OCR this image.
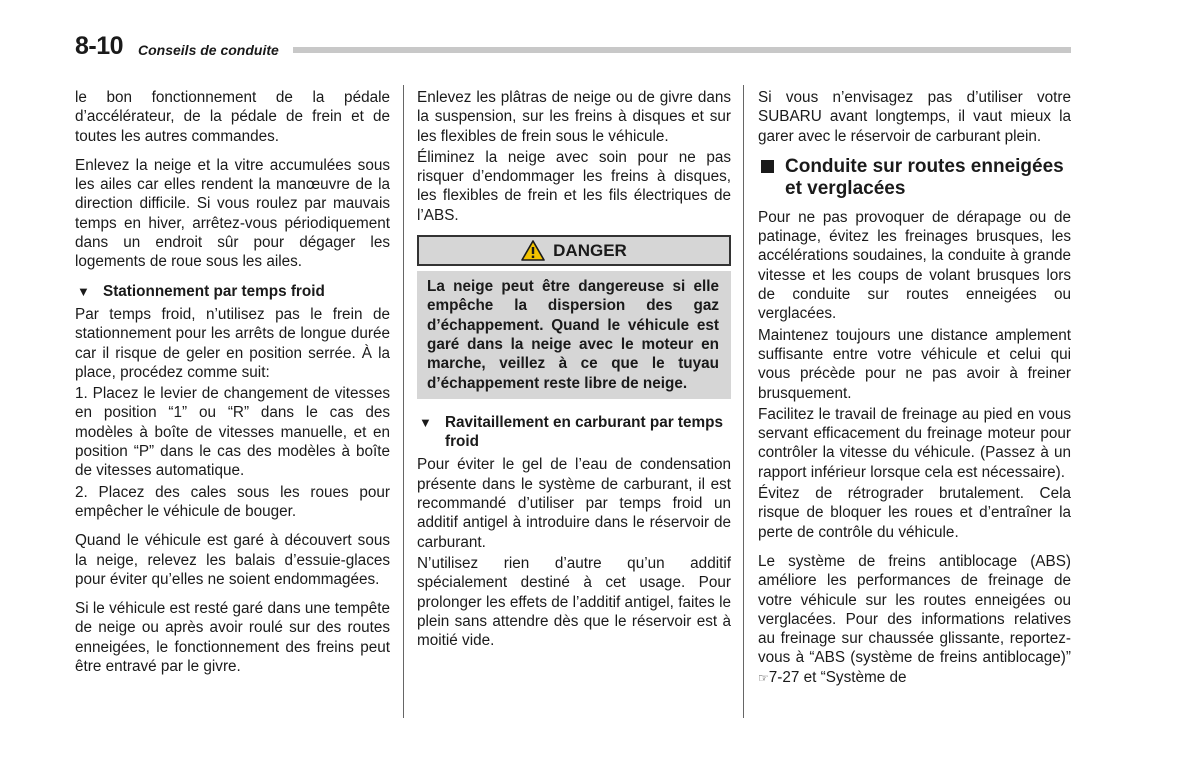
8-10 Conseils de conduite

le bon fonctionnement de la pédale d’accélérateur, de la pédale de frein et de toutes les autres commandes.

Enlevez la neige et la vitre accumulées sous les ailes car elles rendent la manœuvre de la direction difficile. Si vous roulez par mauvais temps en hiver, arrêtez-vous périodiquement dans un endroit sûr pour dégager les logements de roue sous les ailes.

▼ Stationnement par temps froid

Par temps froid, n’utilisez pas le frein de stationnement pour les arrêts de longue durée car il risque de geler en position serrée. À la place, procédez comme suit:

1. Placez le levier de changement de vitesses en position “1” ou “R” dans le cas des modèles à boîte de vitesses manuelle, et en position “P” dans le cas des modèles à boîte de vitesses automatique.

2. Placez des cales sous les roues pour empêcher le véhicule de bouger.

Quand le véhicule est garé à découvert sous la neige, relevez les balais d’essuie-glaces pour éviter qu’elles ne soient endommagées.

Si le véhicule est resté garé dans une tempête de neige ou après avoir roulé sur des routes enneigées, le fonctionnement des freins peut être entravé par le givre.

Enlevez les plâtras de neige ou de givre dans la suspension, sur les freins à disques et sur les flexibles de frein sous le véhicule.

Éliminez la neige avec soin pour ne pas risquer d’endommager les freins à disques, les flexibles de frein et les fils électriques de l’ABS.

DANGER
La neige peut être dangereuse si elle empêche la dispersion des gaz d’échappement. Quand le véhicule est garé dans la neige avec le moteur en marche, veillez à ce que le tuyau d’échappement reste libre de neige.
▼ Ravitaillement en carburant par temps froid

Pour éviter le gel de l’eau de condensation présente dans le système de carburant, il est recommandé d’utiliser par temps froid un additif antigel à introduire dans le réservoir de carburant.

N’utilisez rien d’autre qu’un additif spécialement destiné à cet usage. Pour prolonger les effets de l’additif antigel, faites le plein sans attendre dès que le réservoir est à moitié vide.

Si vous n’envisagez pas d’utiliser votre SUBARU avant longtemps, il vaut mieux la garer avec le réservoir de carburant plein.

Conduite sur routes enneigées et verglacées

Pour ne pas provoquer de dérapage ou de patinage, évitez les freinages brusques, les accélérations soudaines, la conduite à grande vitesse et les coups de volant brusques lors de conduite sur routes enneigées ou verglacées.

Maintenez toujours une distance amplement suffisante entre votre véhicule et celui qui vous précède pour ne pas avoir à freiner brusquement.

Facilitez le travail de freinage au pied en vous servant efficacement du freinage moteur pour contrôler la vitesse du véhicule. (Passez à un rapport inférieur lorsque cela est nécessaire).

Évitez de rétrograder brutalement. Cela risque de bloquer les roues et d’entraîner la perte de contrôle du véhicule.

Le système de freins antiblocage (ABS) améliore les performances de freinage de votre véhicule sur les routes enneigées ou verglacées. Pour des informations relatives au freinage sur chaussée glissante, reportez-vous à “ABS (système de freins antiblocage)” ☞7-27 et “Système de
